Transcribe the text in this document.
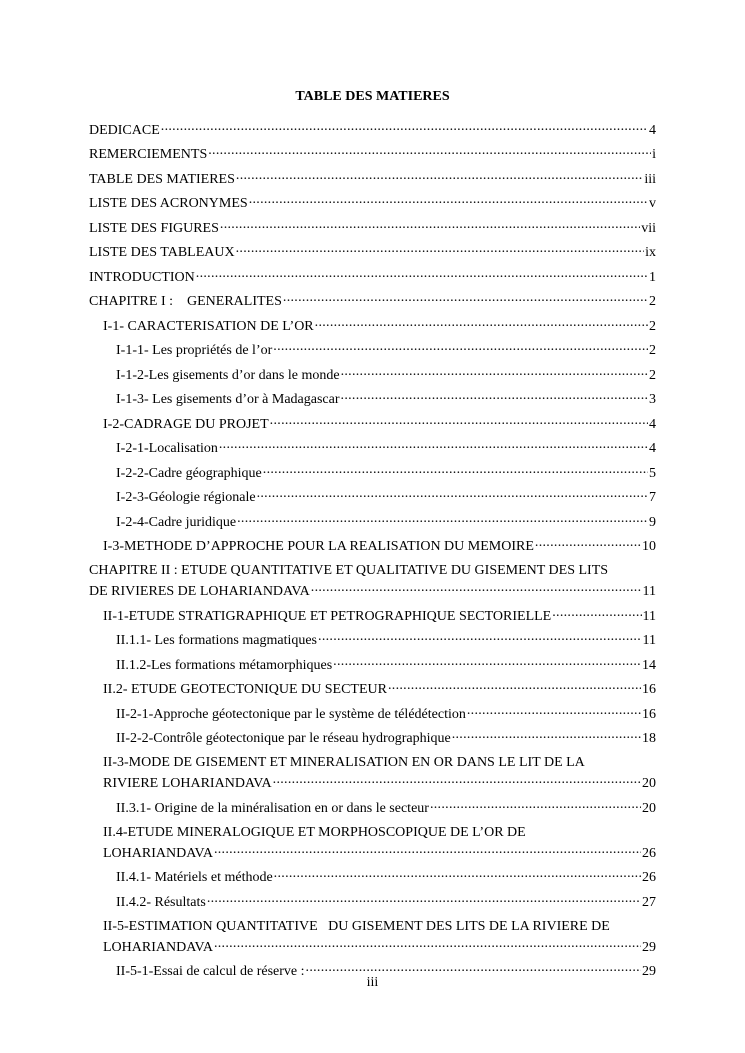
TABLE DES MATIERES
DEDICACE .....	4
REMERCIEMENTS .....	i
TABLE DES MATIERES .....	iii
LISTE DES ACRONYMES .....	v
LISTE DES FIGURES .....	vii
LISTE DES TABLEAUX .....	ix
INTRODUCTION .....	1
CHAPITRE I :    GENERALITES .....	2
I-1- CARACTERISATION DE L’OR .....	2
I-1-1- Les propriétés de l’or .....	2
I-1-2-Les gisements d’or dans le monde .....	2
I-1-3- Les gisements d’or à Madagascar .....	3
I-2-CADRAGE DU PROJET .....	4
I-2-1-Localisation .....	4
I-2-2-Cadre géographique .....	5
I-2-3-Géologie régionale .....	7
I-2-4-Cadre juridique .....	9
I-3-METHODE D’APPROCHE POUR LA REALISATION DU MEMOIRE .....	10
CHAPITRE II : ETUDE QUANTITATIVE ET QUALITATIVE DU GISEMENT DES LITS
DE RIVIERES DE LOHARIANDAVA .....	11
II-1-ETUDE STRATIGRAPHIQUE ET PETROGRAPHIQUE SECTORIELLE .....	11
II.1.1- Les formations magmatiques .....	11
II.1.2-Les formations métamorphiques .....	14
II.2- ETUDE GEOTECTONIQUE DU SECTEUR .....	16
II-2-1-Approche géotectonique par le système de télédétection .....	16
II-2-2-Contrôle géotectonique par le réseau hydrographique .....	18
II-3-MODE DE GISEMENT ET MINERALISATION EN OR DANS LE LIT DE LA
RIVIERE LOHARIANDAVA .....	20
II.3.1- Origine de la minéralisation en or dans le secteur .....	20
II.4-ETUDE MINERALOGIQUE ET MORPHOSCOPIQUE DE L’OR DE
LOHARIANDAVA .....	26
II.4.1- Matériels et méthode .....	26
II.4.2- Résultats .....	27
II-5-ESTIMATION QUANTITATIVE   DU GISEMENT DES LITS DE LA RIVIERE DE
LOHARIANDAVA .....	29
II-5-1-Essai de calcul de réserve : .....	29
iii
